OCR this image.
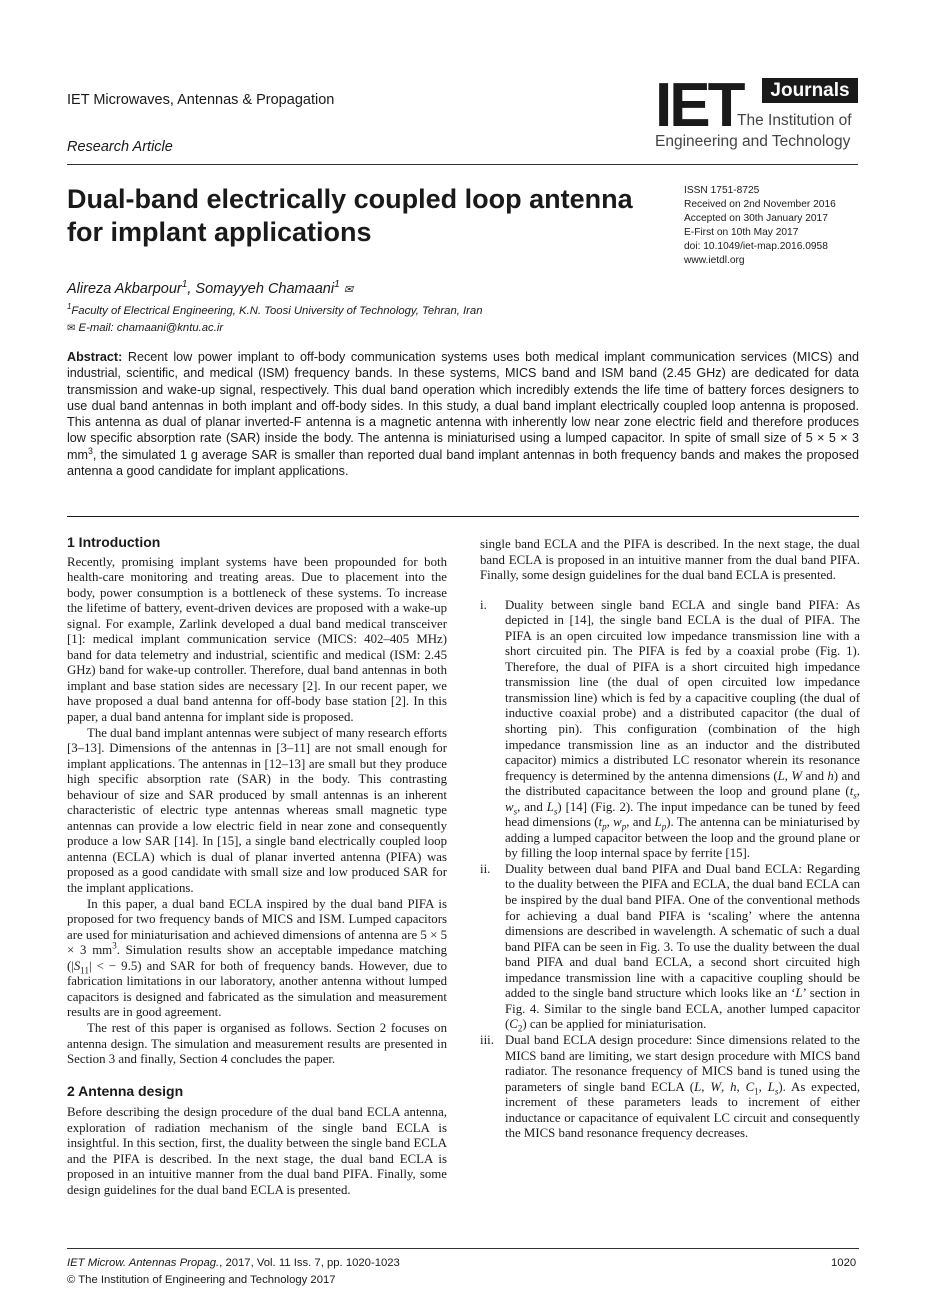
IET Microwaves, Antennas & Propagation
Research Article
IET	Journals
The Institution of
Engineering and Technology
Dual-band electrically coupled loop antenna for implant applications
ISSN 1751-8725
Received on 2nd November 2016
Accepted on 30th January 2017
E-First on 10th May 2017
doi: 10.1049/iet-map.2016.0958
www.ietdl.org
Alireza Akbarpour$^1$, Somayyeh Chamaani$^1$ ✉
$^1$Faculty of Electrical Engineering, K.N. Toosi University of Technology, Tehran, Iran
✉ E-mail: chamaani@kntu.ac.ir
Abstract: Recent low power implant to off-body communication systems uses both medical implant communication services (MICS) and industrial, scientific, and medical (ISM) frequency bands. In these systems, MICS band and ISM band (2.45 GHz) are dedicated for data transmission and wake-up signal, respectively. This dual band operation which incredibly extends the life time of battery forces designers to use dual band antennas in both implant and off-body sides. In this study, a dual band implant electrically coupled loop antenna is proposed. This antenna as dual of planar inverted-F antenna is a magnetic antenna with inherently low near zone electric field and therefore produces low specific absorption rate (SAR) inside the body. The antenna is miniaturised using a lumped capacitor. In spite of small size of 5 × 5 × 3 $mm^3$, the simulated 1 g average SAR is smaller than reported dual band implant antennas in both frequency bands and makes the proposed antenna a good candidate for implant applications.

1 Introduction

Recently, promising implant systems have been propounded for both health-care monitoring and treating areas. Due to placement into the body, power consumption is a bottleneck of these systems. To increase the lifetime of battery, event-driven devices are proposed with a wake-up signal. For example, Zarlink developed a dual band medical transceiver [1]: medical implant communication service (MICS: 402–405 MHz) band for data telemetry and industrial, scientific and medical (ISM: 2.45 GHz) band for wake-up controller. Therefore, dual band antennas in both implant and base station sides are necessary [2]. In our recent paper, we have proposed a dual band antenna for off-body base station [2]. In this paper, a dual band antenna for implant side is proposed.

The dual band implant antennas were subject of many research efforts [3–13]. Dimensions of the antennas in [3–11] are not small enough for implant applications. The antennas in [12–13] are small but they produce high specific absorption rate (SAR) in the body. This contrasting behaviour of size and SAR produced by small antennas is an inherent characteristic of electric type antennas whereas small magnetic type antennas can provide a low electric field in near zone and consequently produce a low SAR [14]. In [15], a single band electrically coupled loop antenna (ECLA) which is dual of planar inverted antenna (PIFA) was proposed as a good candidate with small size and low produced SAR for the implant applications.

In this paper, a dual band ECLA inspired by the dual band PIFA is proposed for two frequency bands of MICS and ISM. Lumped capacitors are used for miniaturisation and achieved dimensions of antenna are 5 × 5 × 3 $mm^3$. Simulation results show an acceptable impedance matching ($|S_{11}|$ < − 9.5) and SAR for both of frequency bands. However, due to fabrication limitations in our laboratory, another antenna without lumped capacitors is designed and fabricated as the simulation and measurement results are in good agreement.

The rest of this paper is organised as follows. Section 2 focuses on antenna design. The simulation and measurement results are presented in Section 3 and finally, Section 4 concludes the paper.

2 Antenna design

Before describing the design procedure of the dual band ECLA antenna, exploration of radiation mechanism of the single band ECLA is insightful. In this section, first, the duality between the single band ECLA and the PIFA is described. In the next stage, the dual band ECLA is proposed in an intuitive manner from the dual band PIFA. Finally, some design guidelines for the dual band ECLA is presented.

single band ECLA and the PIFA is described. In the next stage, the dual band ECLA is proposed in an intuitive manner from the dual band PIFA. Finally, some design guidelines for the dual band ECLA is presented.

i.	Duality between single band ECLA and single band PIFA: As depicted in [14], the single band ECLA is the dual of PIFA. The PIFA is an open circuited low impedance transmission line with a short circuited pin. The PIFA is fed by a coaxial probe (Fig. 1). Therefore, the dual of PIFA is a short circuited high impedance transmission line (the dual of open circuited low impedance transmission line) which is fed by a capacitive coupling (the dual of inductive coaxial probe) and a distributed capacitor (the dual of shorting pin). This configuration (combination of the high impedance transmission line as an inductor and the distributed capacitor) mimics a distributed LC resonator wherein its resonance frequency is determined by the antenna dimensions (L, W and h) and the distributed capacitance between the loop and ground plane ($t_s$, $w_s$, and $L_s$) [14] (Fig. 2). The input impedance can be tuned by feed head dimensions ($t_p$, $w_p$, and $L_p$). The antenna can be miniaturised by adding a lumped capacitor between the loop and the ground plane or by filling the loop internal space by ferrite [15].
ii.	Duality between dual band PIFA and Dual band ECLA: Regarding to the duality between the PIFA and ECLA, the dual band ECLA can be inspired by the dual band PIFA. One of the conventional methods for achieving a dual band PIFA is ‘scaling’ where the antenna dimensions are described in wavelength. A schematic of such a dual band PIFA can be seen in Fig. 3. To use the duality between the dual band PIFA and dual band ECLA, a second short circuited high impedance transmission line with a capacitive coupling should be added to the single band structure which looks like an ‘L’ section in Fig. 4. Similar to the single band ECLA, another lumped capacitor $(C_2)$ can be applied for miniaturisation.
iii. Dual band ECLA design procedure: Since dimensions related to the MICS band are limiting, we start design procedure with MICS band radiator. The resonance frequency of MICS band is tuned using the parameters of single band ECLA (L, W, h, $C_1$, $L_s$). As expected, increment of these parameters leads to increment of either inductance or capacitance of equivalent LC circuit and consequently the MICS band resonance frequency decreases.
IET Microw. Antennas Propag., 2017, Vol. 11 Iss. 7, pp. 1020-1023
© The Institution of Engineering and Technology 2017
1020
